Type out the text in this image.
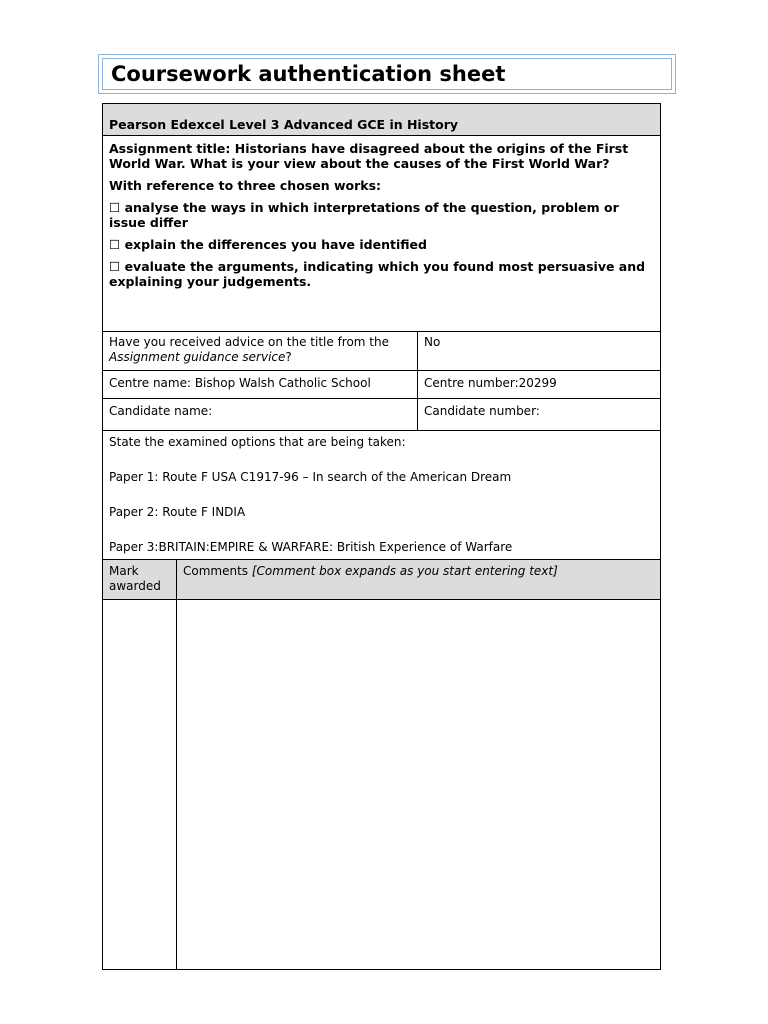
Coursework authentication sheet
Pearson Edexcel Level 3 Advanced GCE in History		

Assignment title: Historians have disagreed about the origins of the First World War. What is your view about the causes of the First World War?

With reference to three chosen works:

☐ analyse the ways in which interpretations of the question, problem or issue differ

☐ explain the differences you have identified

☐ evaluate the arguments, indicating which you found most persuasive and explaining your judgements.		

Have you received advice on the title from the Assignment guidance service?		No
Centre name: Bishop Walsh Catholic School		Centre number:20299
Candidate name:		Candidate number:

State the examined options that are being taken:

Paper 1: Route F USA C1917-96 – In search of the American Dream

Paper 2: Route F INDIA

Paper 3:BRITAIN:EMPIRE & WARFARE: British Experience of Warfare		

Mark awarded	Comments [Comment box expands as you start entering text]	
